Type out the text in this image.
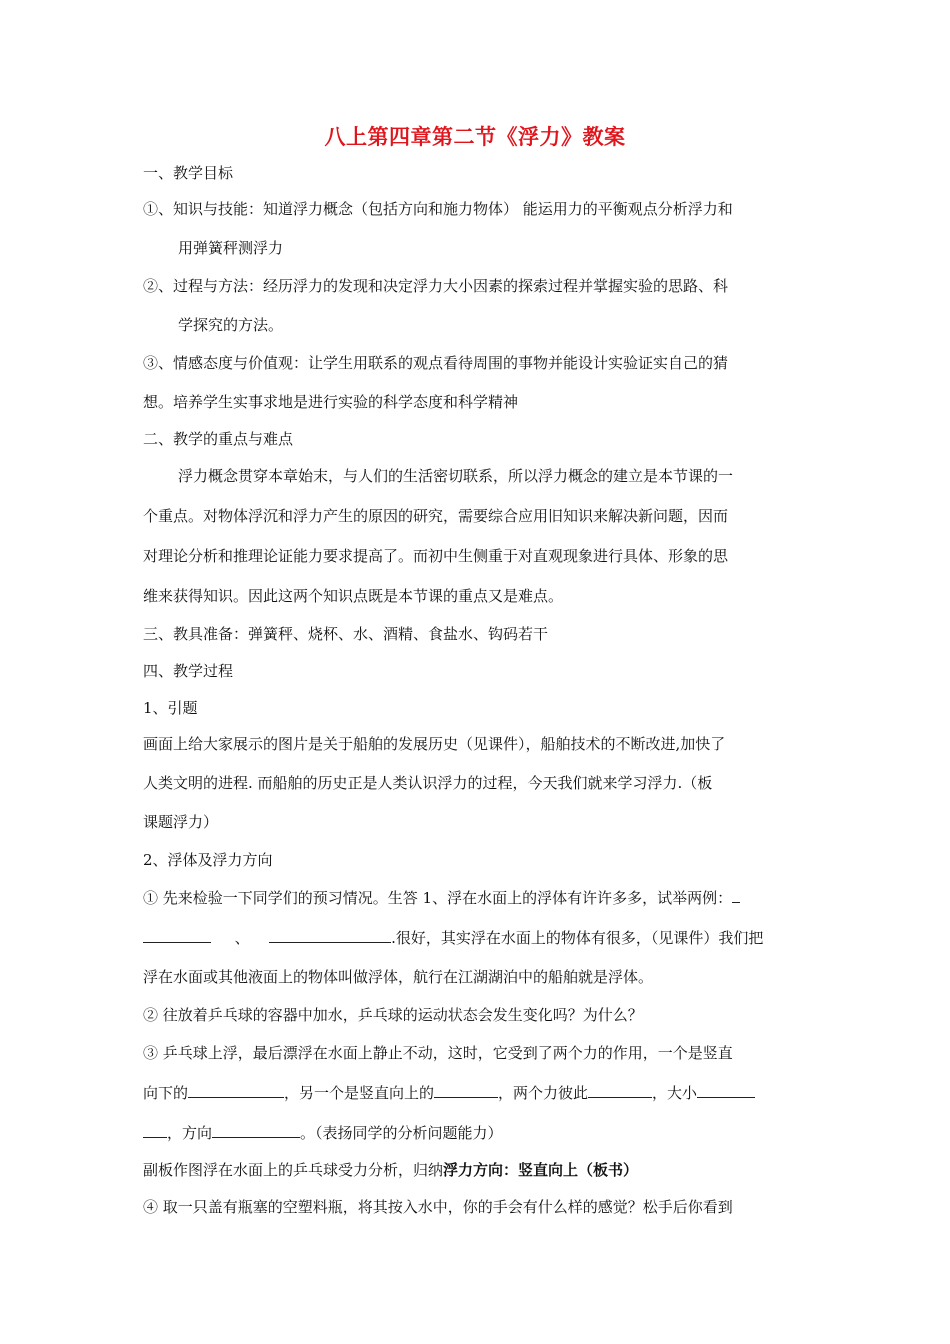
八上第四章第二节《浮力》教案
一、教学目标
①、知识与技能：知道浮力概念（包括方向和施力物体） 能运用力的平衡观点分析浮力和
用弹簧秤测浮力
②、过程与方法：经历浮力的发现和决定浮力大小因素的探索过程并掌握实验的思路、科
学探究的方法。
③、情感态度与价值观：让学生用联系的观点看待周围的事物并能设计实验证实自己的猜
想。培养学生实事求地是进行实验的科学态度和科学精神
二、教学的重点与难点
浮力概念贯穿本章始末，与人们的生活密切联系，所以浮力概念的建立是本节课的一
个重点。对物体浮沉和浮力产生的原因的研究，需要综合应用旧知识来解决新问题，因而
对理论分析和推理论证能力要求提高了。而初中生侧重于对直观现象进行具体、形象的思
维来获得知识。因此这两个知识点既是本节课的重点又是难点。
三、教具准备：弹簧秤、烧杯、水、酒精、食盐水、钩码若干
四、教学过程
1、引题
画面上给大家展示的图片是关于船舶的发展历史（见课件），船舶技术的不断改进,加快了
人类文明的进程. 而船舶的历史正是人类认识浮力的过程，今天我们就来学习浮力.（板
课题浮力）
2、浮体及浮力方向
① 先来检验一下同学们的预习情况。生答 1、浮在水面上的浮体有许许多多，试举两例：
、	.很好，其实浮在水面上的物体有很多，（见课件）我们把
浮在水面或其他液面上的物体叫做浮体，航行在江湖湖泊中的船舶就是浮体。
② 往放着乒乓球的容器中加水，乒乓球的运动状态会发生变化吗？为什么？
③ 乒乓球上浮，最后漂浮在水面上静止不动，这时，它受到了两个力的作用，一个是竖直
向下的	，另一个是竖直向上的	，两个力彼此	，大小
，方向	。（表扬同学的分析问题能力）
副板作图浮在水面上的乒乓球受力分析，归纳浮力方向：竖直向上（板书）
④ 取一只盖有瓶塞的空塑料瓶，将其按入水中，你的手会有什么样的感觉？松手后你看到
